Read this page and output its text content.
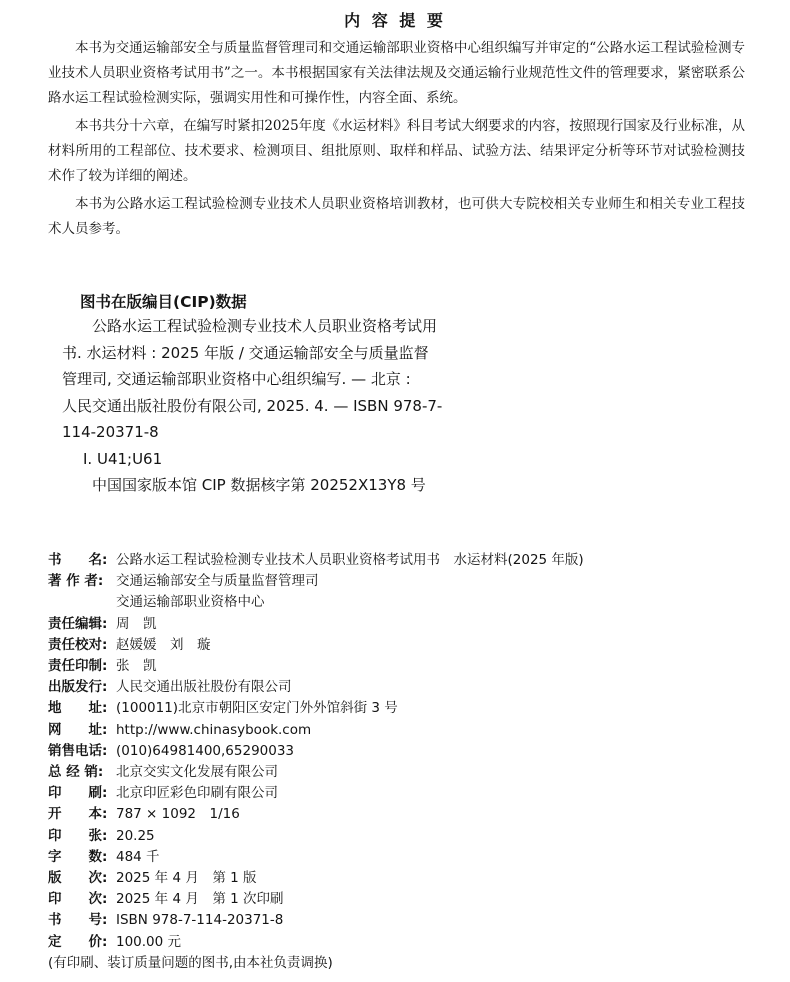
内 容 提 要

本书为交通运输部安全与质量监督管理司和交通运输部职业资格中心组织编写并审定的“公路水运工程试验检测专业技术人员职业资格考试用书”之一。本书根据国家有关法律法规及交通运输行业规范性文件的管理要求，紧密联系公路水运工程试验检测实际，强调实用性和可操作性，内容全面、系统。

本书共分十六章，在编写时紧扣2025年度《水运材料》科目考试大纲要求的内容，按照现行国家及行业标准，从材料所用的工程部位、技术要求、检测项目、组批原则、取样和样品、试验方法、结果评定分析等环节对试验检测技术作了较为详细的阐述。

本书为公路水运工程试验检测专业技术人员职业资格培训教材，也可供大专院校相关专业师生和相关专业工程技术人员参考。

图书在版编目(CIP)数据

公路水运工程试验检测专业技术人员职业资格考试用

书. 水运材料 : 2025 年版 / 交通运输部安全与质量监督

管理司, 交通运输部职业资格中心组织编写. — 北京 :

人民交通出版社股份有限公司, 2025. 4. — ISBN 978-7-

114-20371-8

Ⅰ. U41;U61

中国国家版本馆 CIP 数据核字第 20252X13Y8 号

书　　名: 公路水运工程试验检测专业技术人员职业资格考试用书　水运材料(2025 年版)
著 作 者: 交通运输部安全与质量监督管理司
交通运输部职业资格中心
责任编辑: 周　凯
责任校对: 赵媛媛　刘　璇
责任印制: 张　凯
出版发行: 人民交通出版社股份有限公司
地　　址: (100011)北京市朝阳区安定门外外馆斜街 3 号
网　　址: http://www.chinasybook.com
销售电话: (010)64981400,65290033
总 经 销: 北京交实文化发展有限公司
印　　刷: 北京印匠彩色印刷有限公司
开　　本: 787 × 1092　1/16
印　　张: 20.25
字　　数: 484 千
版　　次: 2025 年 4 月　第 1 版
印　　次: 2025 年 4 月　第 1 次印刷
书　　号: ISBN 978-7-114-20371-8
定　　价: 100.00 元
(有印刷、装订质量问题的图书,由本社负责调换)
